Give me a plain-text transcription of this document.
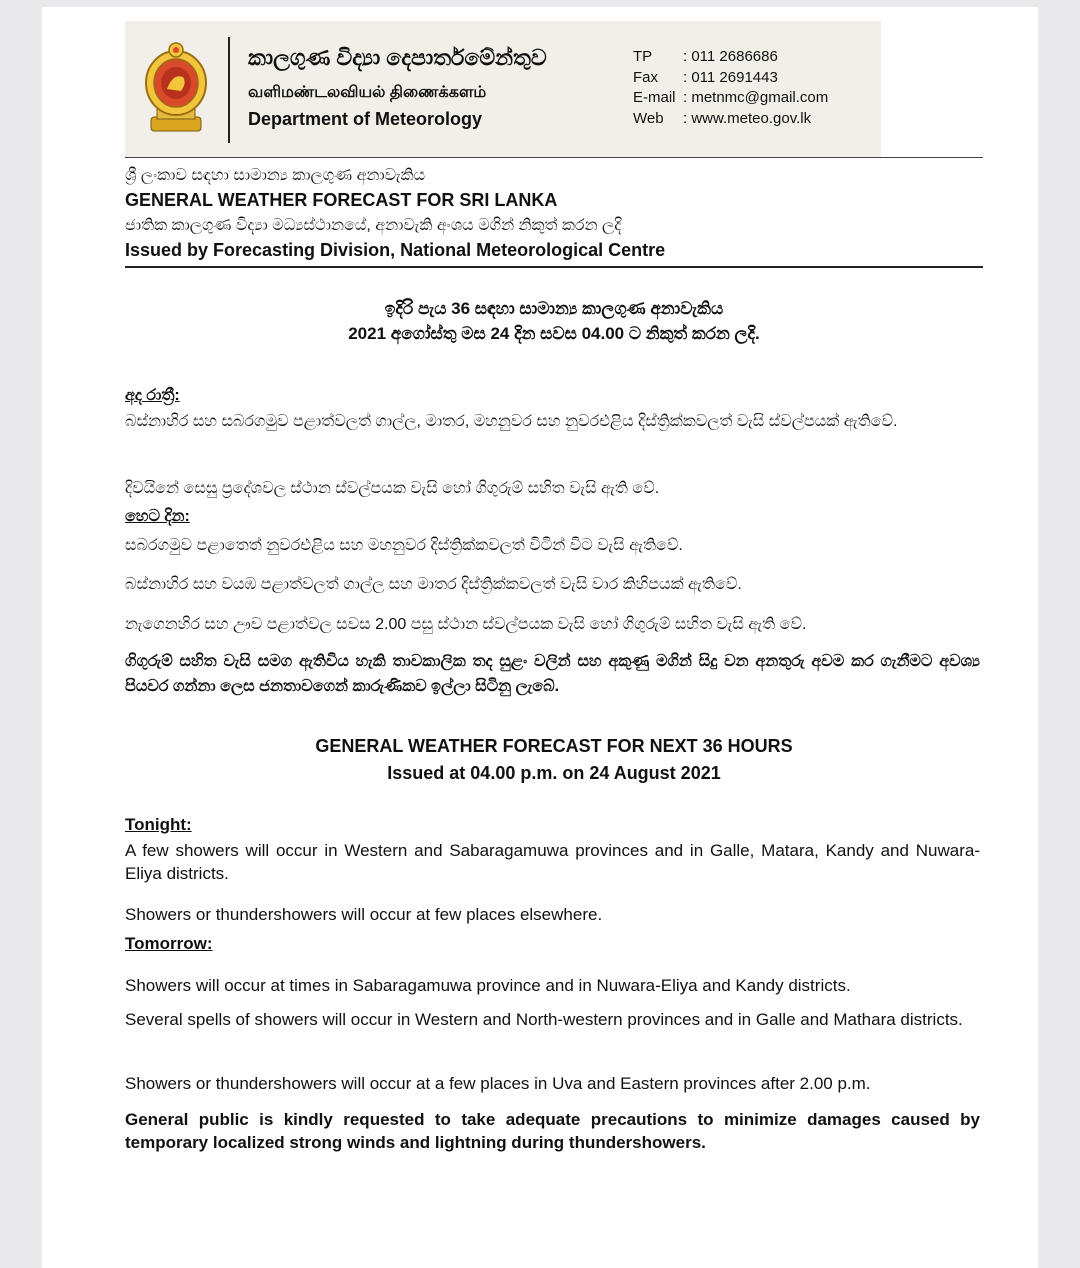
කාලගුණ විද්‍යා දෙපාර්තමේන්තුව
வளிமண்டலவியல் திணைக்களம்
Department of Meteorology
TP	: 011 2686686
Fax	: 011 2691443
E-mail : metnmc@gmail.com
Web	: www.meteo.gov.lk
ශ්‍රී ලංකාව සඳහා සාමාන්‍ය කාලගුණ අනාවැකිය
GENERAL WEATHER FORECAST FOR SRI LANKA
ජාතික කාලගුණ විද්‍යා මධ්‍යස්ථානයේ, අනාවැකි අංශය මගින් නිකුත් කරන ලදි
Issued by Forecasting Division, National Meteorological Centre
ඉදිරි පැය 36 සඳහා සාමාන්‍ය කාලගුණ අනාවැකිය
2021 අගෝස්තු මස 24 දින සවස 04.00 ට නිකුත් කරන ලදි.
අද රාත්‍රී:

බස්නාහිර සහ සබරගමුව පළාත්වලත් ගාල්ල, මාතර, මහනුවර සහ නුවරඑළිය දිස්ත්‍රික්කවලත් වැසි ස්වල්පයක් ඇතිවේ.

දිවයිනේ සෙසු ප්‍රදේශවල ස්ථාන ස්වල්පයක වැසි හෝ ගිගුරුම් සහිත වැසි ඇති වේ.

හෙට දින:

සබරගමුව පළාතෙත් නුවරඑළිය සහ මහනුවර දිස්ත්‍රික්කවලත් විටින් විට වැසි ඇතිවේ.

බස්නාහිර සහ වයඹ පළාත්වලත් ගාල්ල සහ මාතර දිස්ත්‍රික්කවලත් වැසි වාර කිහිපයක් ඇතිවේ.

නැගෙනහිර සහ ඌව පළාත්වල සවස 2.00 පසු ස්ථාන ස්වල්පයක වැසි හෝ ගිගුරුම් සහිත වැසි ඇති වේ.

ගිගුරුම් සහිත වැසි සමග ඇතිවිය හැකි තාවකාලික තද සුළං වලින් සහ අකුණු මගින් සිදු වන අනතුරු අවම කර ගැනීමට අවශ්‍ය පියවර ගන්නා ලෙස ජනතාවගෙන් කාරුණිකව ඉල්ලා සිටිනු ලැබේ.

GENERAL WEATHER FORECAST FOR NEXT 36 HOURS
Issued at 04.00 p.m. on 24 August 2021
Tonight:

A few showers will occur in Western and Sabaragamuwa provinces and in Galle, Matara, Kandy and Nuwara-Eliya districts.

Showers or thundershowers will occur at few places elsewhere.

Tomorrow:

Showers will occur at times in Sabaragamuwa province and in Nuwara-Eliya and Kandy districts.

Several spells of showers will occur in Western and North-western provinces and in Galle and Mathara districts.

Showers or thundershowers will occur at a few places in Uva and Eastern provinces after 2.00 p.m.

General public is kindly requested to take adequate precautions to minimize damages caused by temporary localized strong winds and lightning during thundershowers.
